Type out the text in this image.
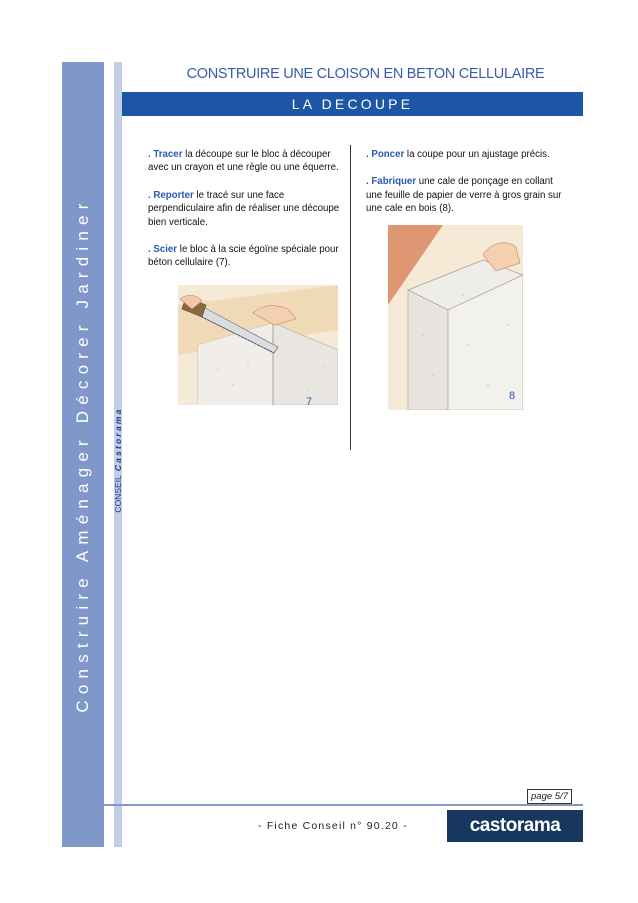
Construire Aménager Décorer Jardiner CONSEIL Castorama
CONSTRUIRE UNE CLOISON EN BETON CELLULAIRE
LA DECOUPE

. Tracer la découpe sur le bloc à découper avec un crayon et une règle ou une équerre.

. Reporter le tracé sur une face perpendiculaire afin de réaliser une découpe bien verticale.

. Scier le bloc à la scie égoïne spéciale pour béton cellulaire (7).

. Poncer la coupe pour un ajustage précis.

. Fabriquer une cale de ponçage en collant une feuille de papier de verre à gros grain sur une cale en bois (8).

7	8
page 5/7
- Fiche Conseil n° 90.20 -	castorama
